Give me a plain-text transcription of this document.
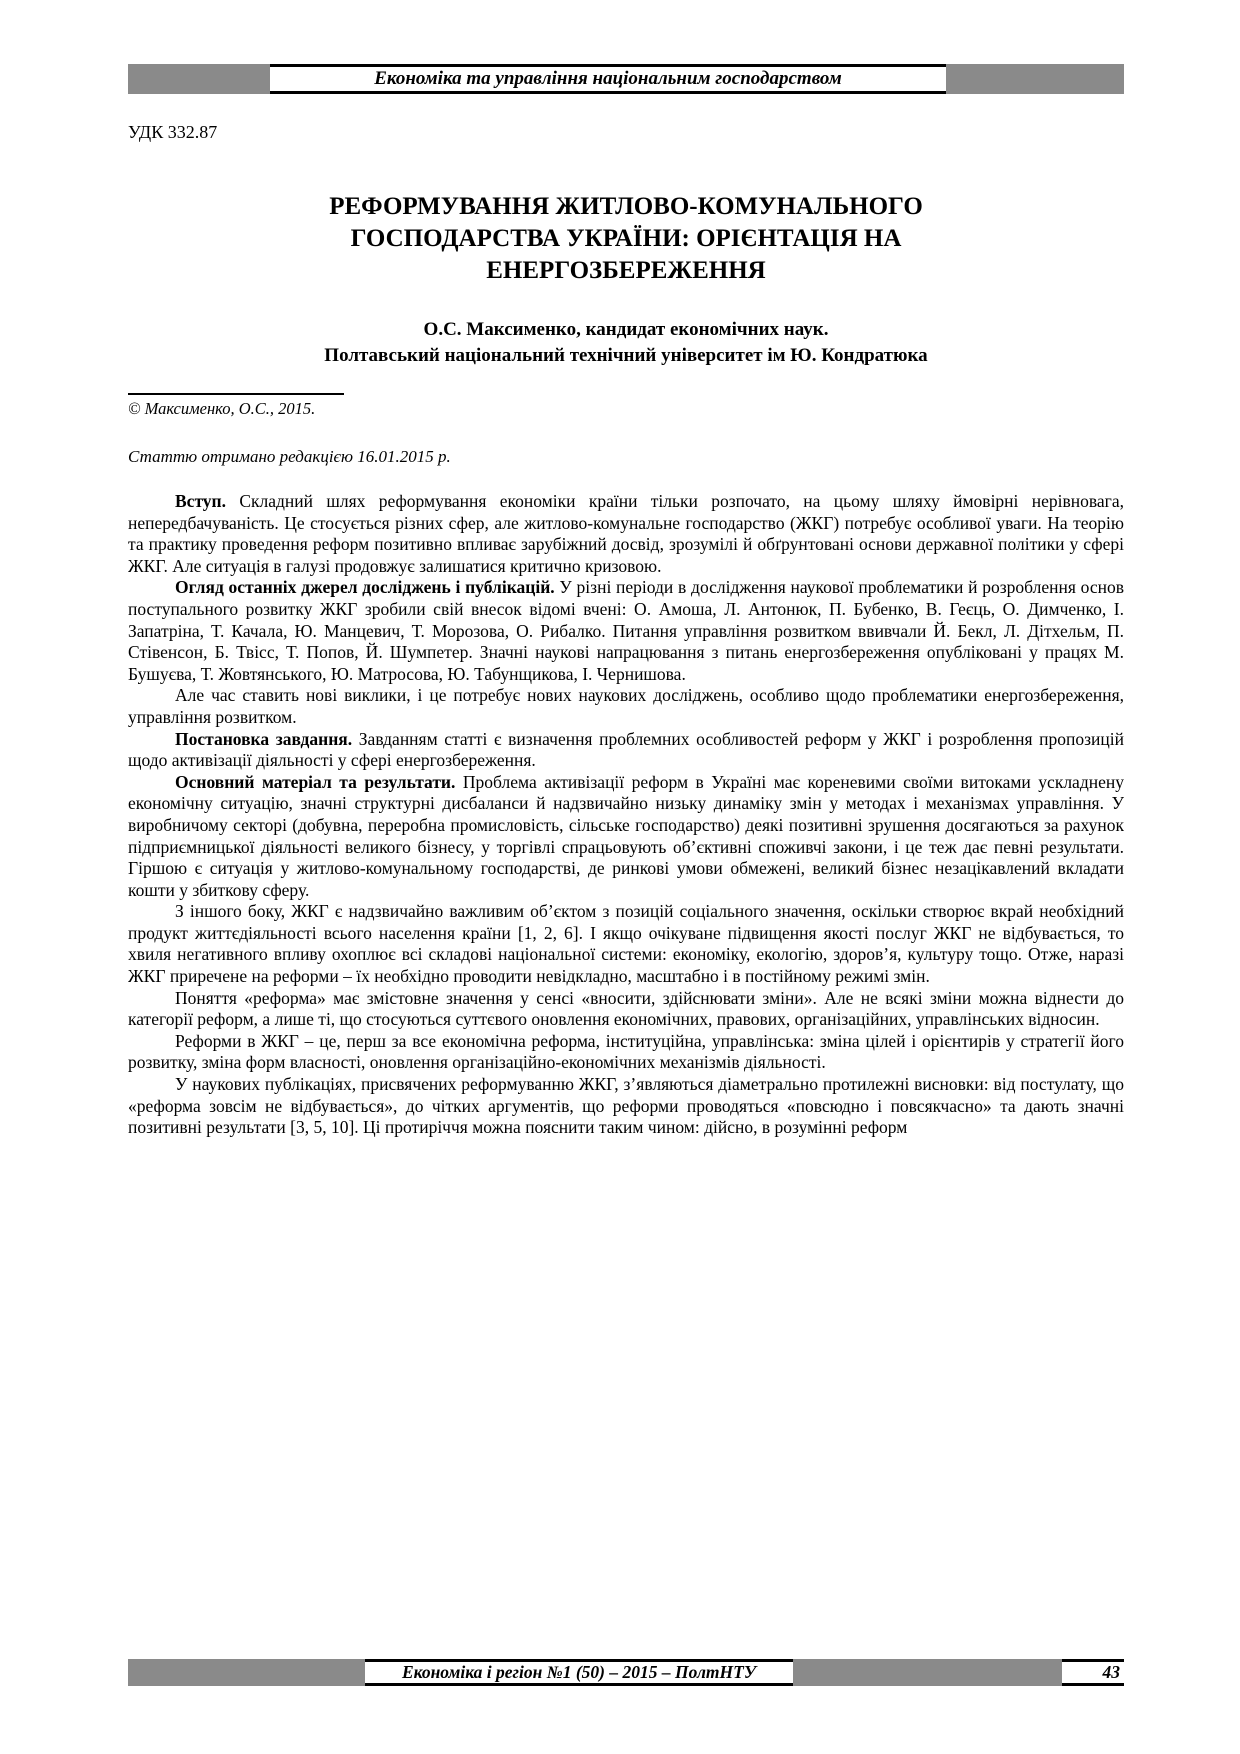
Економіка та управління національним господарством
УДК 332.87
РЕФОРМУВАННЯ ЖИТЛОВО-КОМУНАЛЬНОГО
ГОСПОДАРСТВА УКРАЇНИ: ОРІЄНТАЦІЯ НА
ЕНЕРГОЗБЕРЕЖЕННЯ
О.С. Максименко, кандидат економічних наук.
Полтавський національний технічний університет ім Ю. Кондратюка
© Максименко, О.С., 2015.
Статтю отримано редакцією 16.01.2015 р.

Вступ. Складний шлях реформування економіки країни тільки розпочато, на цьому шляху ймовірні нерівновага, непередбачуваність. Це стосується різних сфер, але житлово-комунальне господарство (ЖКГ) потребує особливої уваги. На теорію та практику проведення реформ позитивно впливає зарубіжний досвід, зрозумілі й обґрунтовані основи державної політики у сфері ЖКГ. Але ситуація в галузі продовжує залишатися критично кризовою.

Огляд останніх джерел досліджень і публікацій. У різні періоди в дослідження наукової проблематики й розроблення основ поступального розвитку ЖКГ зробили свій внесок відомі вчені: О. Амоша, Л. Антонюк, П. Бубенко, В. Геєць, О. Димченко, І. Запатріна, Т. Качала, Ю. Манцевич, Т. Морозова, О. Рибалко. Питання управління розвитком ввивчали Й. Бекл, Л. Дітхельм, П. Стівенсон, Б. Твісс, Т. Попов, Й. Шумпетер. Значні наукові напрацювання з питань енергозбереження опубліковані у працях М. Бушуєва, Т. Жовтянського, Ю. Матросова, Ю. Табунщикова, І. Чернишова.

Але час ставить нові виклики, і це потребує нових наукових досліджень, особливо щодо проблематики енергозбереження, управління розвитком.

Постановка завдання. Завданням статті є визначення проблемних особливостей реформ у ЖКГ і розроблення пропозицій щодо активізації діяльності у сфері енергозбереження.

Основний матеріал та результати. Проблема активізації реформ в Україні має кореневими своїми витоками ускладнену економічну ситуацію, значні структурні дисбаланси й надзвичайно низьку динаміку змін у методах і механізмах управління. У виробничому секторі (добувна, переробна промисловість, сільське господарство) деякі позитивні зрушення досягаються за рахунок підприємницької діяльності великого бізнесу, у торгівлі спрацьовують об’єктивні споживчі закони, і це теж дає певні результати. Гіршою є ситуація у житлово-комунальному господарстві, де ринкові умови обмежені, великий бізнес незацікавлений вкладати кошти у збиткову сферу.

З іншого боку, ЖКГ є надзвичайно важливим об’єктом з позицій соціального значення, оскільки створює вкрай необхідний продукт життєдіяльності всього населення країни [1, 2, 6]. І якщо очікуване підвищення якості послуг ЖКГ не відбувається, то хвиля негативного впливу охоплює всі складові національної системи: економіку, екологію, здоров’я, культуру тощо. Отже, наразі ЖКГ приречене на реформи – їх необхідно проводити невідкладно, масштабно і в постійному режимі змін.

Поняття «реформа» має змістовне значення у сенсі «вносити, здійснювати зміни». Але не всякі зміни можна віднести до категорії реформ, а лише ті, що стосуються суттєвого оновлення економічних, правових, організаційних, управлінських відносин.

Реформи в ЖКГ – це, перш за все економічна реформа, інституційна, управлінська: зміна цілей і орієнтирів у стратегії його розвитку, зміна форм власності, оновлення організаційно-економічних механізмів діяльності.

У наукових публікаціях, присвячених реформуванню ЖКГ, з’являються діаметрально протилежні висновки: від постулату, що «реформа зовсім не відбувається», до чітких аргументів, що реформи проводяться «повсюдно і повсякчасно» та дають значні позитивні результати [3, 5, 10]. Ці протиріччя можна пояснити таким чином: дійсно, в розумінні реформ

Економіка і регіон №1 (50) – 2015 – ПолтНТУ	43
